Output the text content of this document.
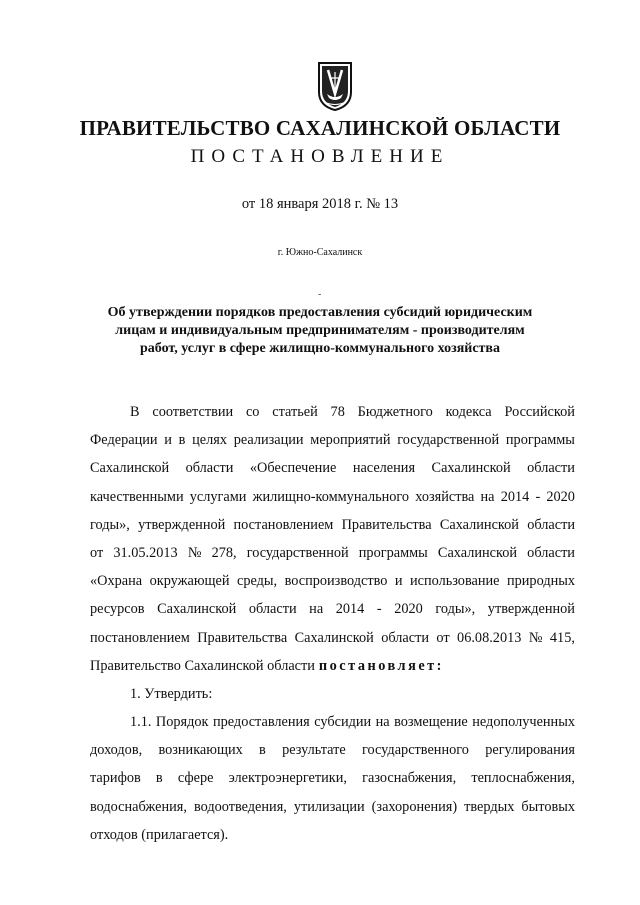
ПРАВИТЕЛЬСТВО САХАЛИНСКОЙ ОБЛАСТИ
ПОСТАНОВЛЕНИЕ
от 18 января 2018 г. № 13
г. Южно-Сахалинск
-
Об утверждении порядков предоставления субсидий юридическим
лицам и индивидуальным предпринимателям - производителям
работ, услуг в сфере жилищно-коммунального хозяйства
В соответствии со статьей 78 Бюджетного кодекса Российской
Федерации и в целях реализации мероприятий государственной программы
Сахалинской области «Обеспечение населения Сахалинской области
качественными услугами жилищно-коммунального хозяйства на 2014 - 2020
годы», утвержденной постановлением Правительства Сахалинской области
от 31.05.2013 № 278, государственной программы Сахалинской области
«Охрана окружающей среды, воспроизводство и использование природных
ресурсов Сахалинской области на 2014 - 2020 годы», утвержденной
постановлением Правительства Сахалинской области от 06.08.2013 № 415,
Правительство Сахалинской области постановляет:
1. Утвердить:
1.1. Порядок предоставления субсидии на возмещение недополученных
доходов, возникающих в результате государственного регулирования
тарифов в сфере электроэнергетики, газоснабжения, теплоснабжения,
водоснабжения, водоотведения, утилизации (захоронения) твердых бытовых
отходов (прилагается).
